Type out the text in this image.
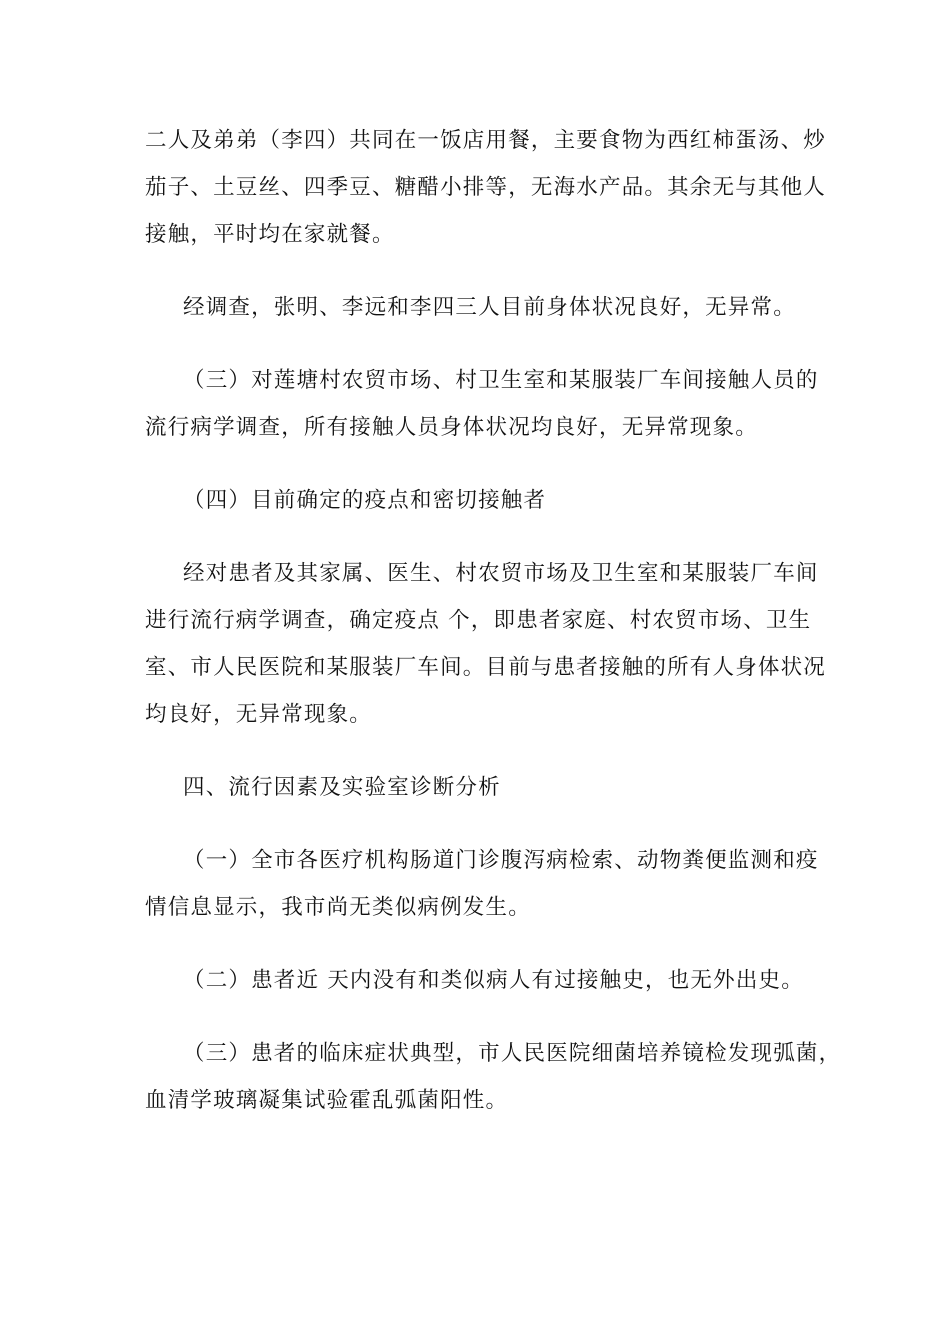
二人及弟弟（李四）共同在一饭店用餐，主要食物为西红柿蛋汤、炒
茄子、土豆丝、四季豆、糖醋小排等，无海水产品。其余无与其他人
接触，平时均在家就餐。

经调查，张明、李远和李四三人目前身体状况良好，无异常。

（三）对莲塘村农贸市场、村卫生室和某服装厂车间接触人员的
流行病学调查，所有接触人员身体状况均良好，无异常现象。

（四）目前确定的疫点和密切接触者

经对患者及其家属、医生、村农贸市场及卫生室和某服装厂车间
进行流行病学调查，确定疫点 个，即患者家庭、村农贸市场、卫生
室、市人民医院和某服装厂车间。目前与患者接触的所有人身体状况
均良好，无异常现象。

四、流行因素及实验室诊断分析

（一）全市各医疗机构肠道门诊腹泻病检索、动物粪便监测和疫
情信息显示，我市尚无类似病例发生。

（二）患者近 天内没有和类似病人有过接触史，也无外出史。

（三）患者的临床症状典型，市人民医院细菌培养镜检发现弧菌，
血清学玻璃凝集试验霍乱弧菌阳性。
